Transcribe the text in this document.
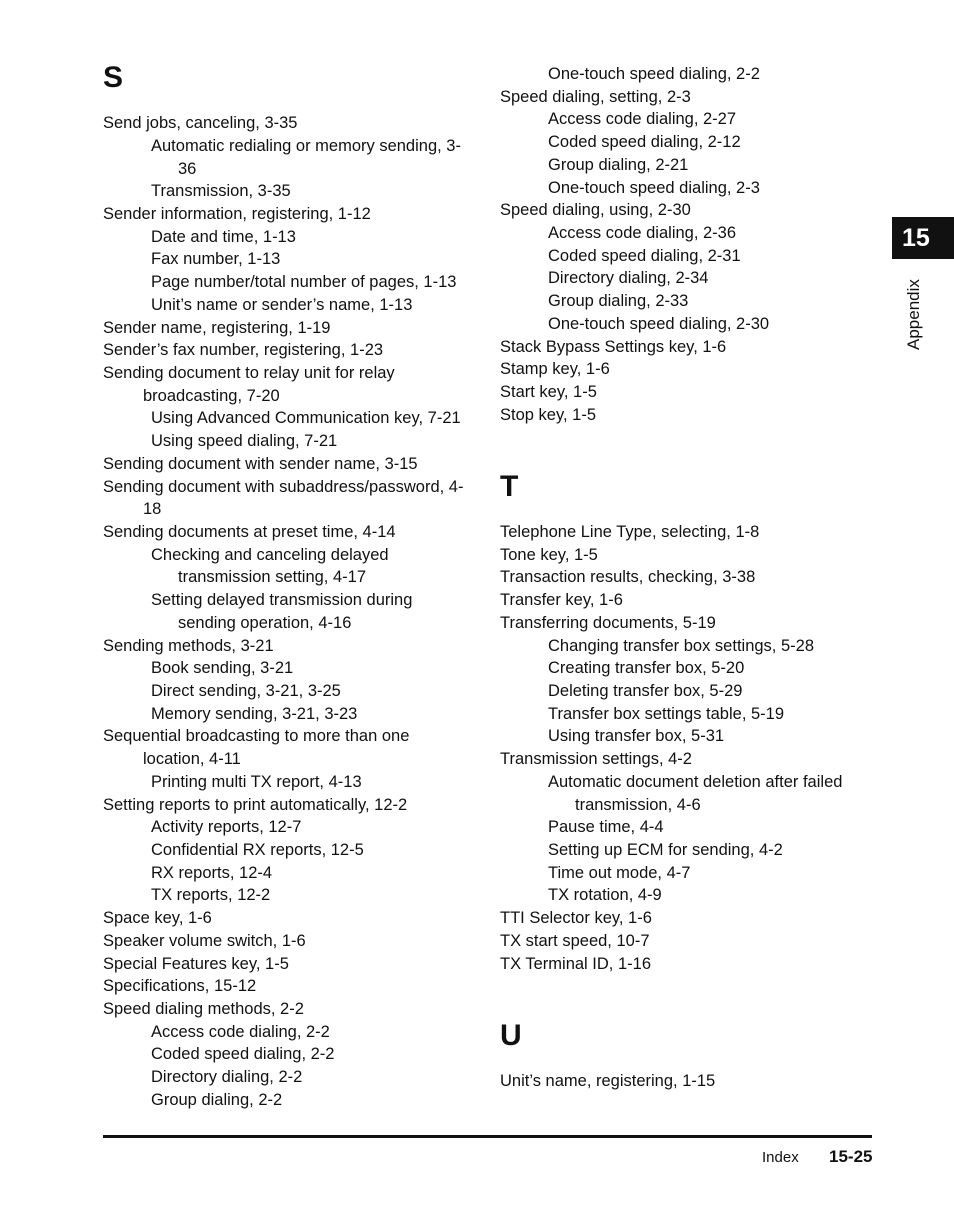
S
Send jobs, canceling, 3-35
Automatic redialing or memory sending, 3-
36
Transmission, 3-35
Sender information, registering, 1-12
Date and time, 1-13
Fax number, 1-13
Page number/total number of pages, 1-13
Unit’s name or sender’s name, 1-13
Sender name, registering, 1-19
Sender’s fax number, registering, 1-23
Sending document to relay unit for relay
broadcasting, 7-20
Using Advanced Communication key, 7-21
Using speed dialing, 7-21
Sending document with sender name, 3-15
Sending document with subaddress/password, 4-
18
Sending documents at preset time, 4-14
Checking and canceling delayed
transmission setting, 4-17
Setting delayed transmission during
sending operation, 4-16
Sending methods, 3-21
Book sending, 3-21
Direct sending, 3-21, 3-25
Memory sending, 3-21, 3-23
Sequential broadcasting to more than one
location, 4-11
Printing multi TX report, 4-13
Setting reports to print automatically, 12-2
Activity reports, 12-7
Confidential RX reports, 12-5
RX reports, 12-4
TX reports, 12-2
Space key, 1-6
Speaker volume switch, 1-6
Special Features key, 1-5
Specifications, 15-12
Speed dialing methods, 2-2
Access code dialing, 2-2
Coded speed dialing, 2-2
Directory dialing, 2-2
Group dialing, 2-2
One-touch speed dialing, 2-2
Speed dialing, setting, 2-3
Access code dialing, 2-27
Coded speed dialing, 2-12
Group dialing, 2-21
One-touch speed dialing, 2-3
Speed dialing, using, 2-30
Access code dialing, 2-36
Coded speed dialing, 2-31
Directory dialing, 2-34
Group dialing, 2-33
One-touch speed dialing, 2-30
Stack Bypass Settings key, 1-6
Stamp key, 1-6
Start key, 1-5
Stop key, 1-5
T
Telephone Line Type, selecting, 1-8
Tone key, 1-5
Transaction results, checking, 3-38
Transfer key, 1-6
Transferring documents, 5-19
Changing transfer box settings, 5-28
Creating transfer box, 5-20
Deleting transfer box, 5-29
Transfer box settings table, 5-19
Using transfer box, 5-31
Transmission settings, 4-2
Automatic document deletion after failed
transmission, 4-6
Pause time, 4-4
Setting up ECM for sending, 4-2
Time out mode, 4-7
TX rotation, 4-9
TTI Selector key, 1-6
TX start speed, 10-7
TX Terminal ID, 1-16
U
Unit’s name, registering, 1-15
15
Appendix
Index 15-25
